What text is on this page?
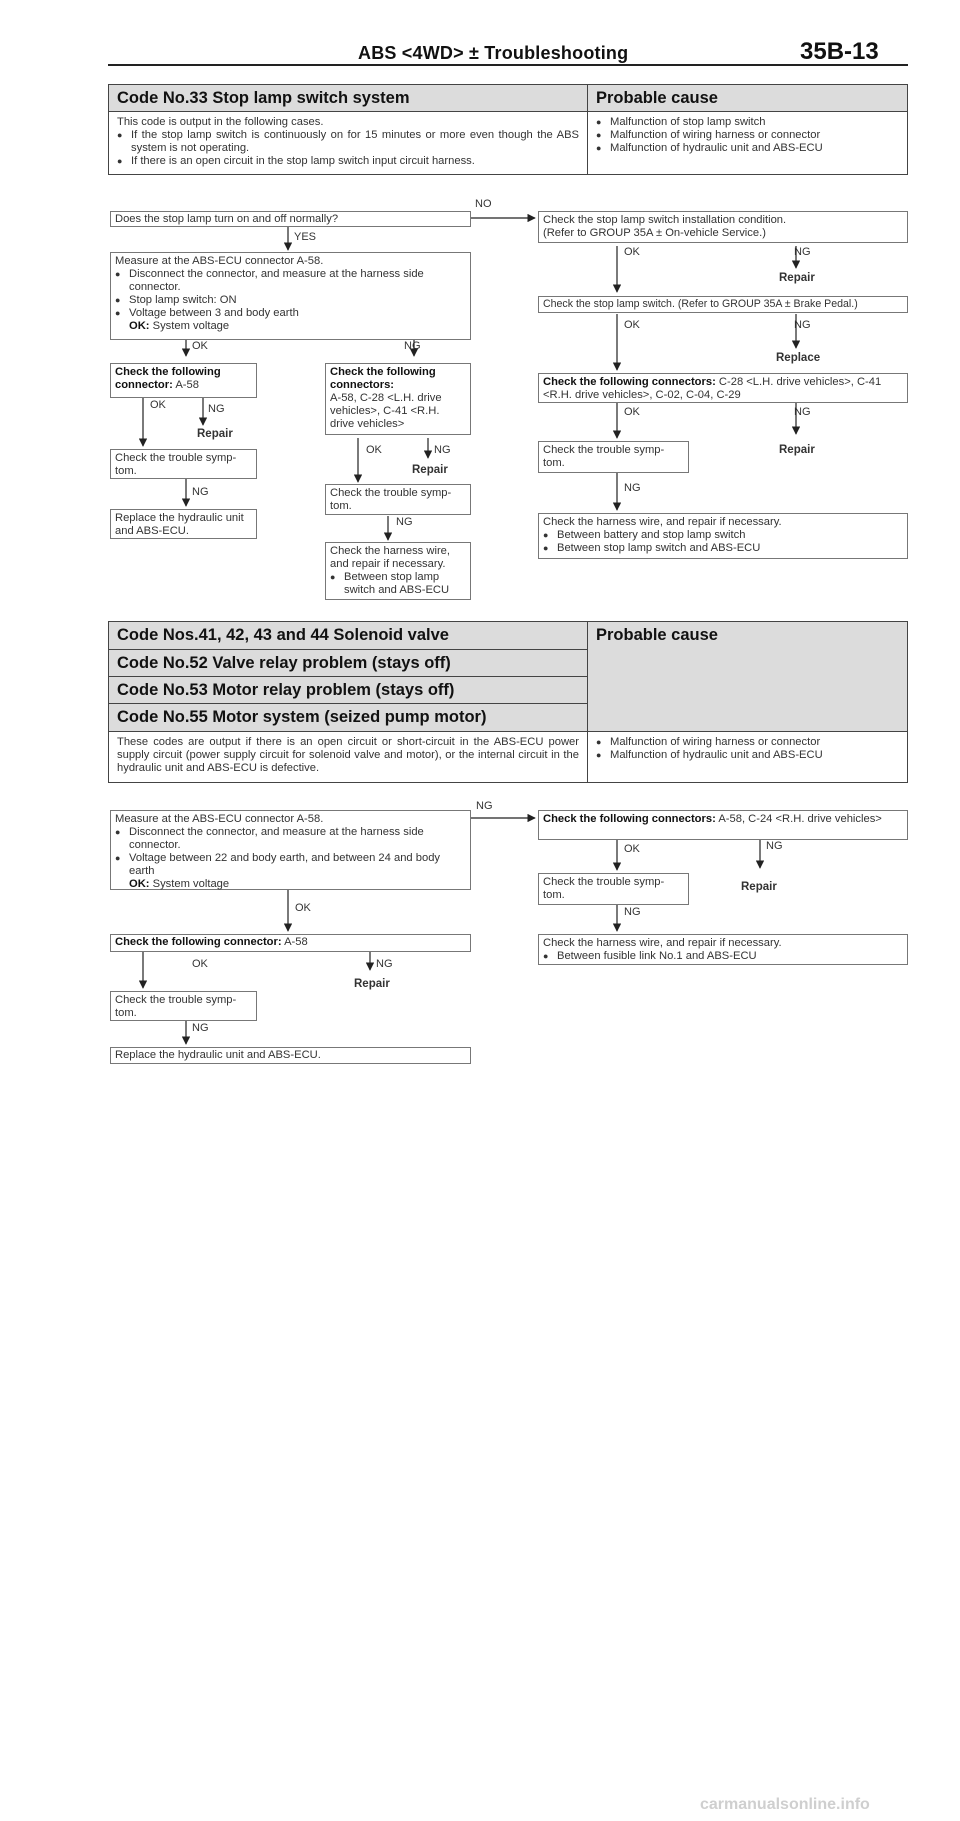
ABS <4WD> ± Troubleshooting	35B-13
Code No.33 Stop lamp switch system	Probable cause
This code is output in the following cases.
● If the stop lamp switch is continuously on for 15 minutes or more even though the ABS system is not operating.
● If there is an open circuit in the stop lamp switch input circuit harness.
● Malfunction of stop lamp switch
● Malfunction of wiring harness or connector
● Malfunction of hydraulic unit and ABS-ECU
NO
YES
OK	NG
OK	NG
Repair
NG
OK	NG
Repair
NG
OK	NG
Repair
OK	NG
Replace
OK	NG
Repair
NG
Does the stop lamp turn on and off normally?
Measure at the ABS-ECU connector A-58.
● Disconnect the connector, and measure at the harness side connector.
● Stop lamp switch: ON
● Voltage between 3 and body earth
OK: System voltage
Check the following connector: A-58
Check the following connectors:
A-58, C-28 <L.H. drive vehicles>, C-41 <R.H. drive vehicles>
Check the trouble symp- tom.
Replace the hydraulic unit and ABS-ECU.
Check the trouble symp- tom.
Check the harness wire,
and repair if necessary.
● Between stop lamp switch and ABS-ECU
Check the stop lamp switch installation condition.
(Refer to GROUP 35A ± On-vehicle Service.)
Check the stop lamp switch. (Refer to GROUP 35A ± Brake Pedal.)
Check the following connectors: C-28 <L.H. drive vehicles>, C-41 <R.H. drive vehicles>, C-02, C-04, C-29
Check the trouble symp- tom.
Check the harness wire, and repair if necessary.
● Between battery and stop lamp switch
● Between stop lamp switch and ABS-ECU
Code Nos.41, 42, 43 and 44 Solenoid valve
Code No.52 Valve relay problem (stays off)
Code No.53 Motor relay problem (stays off)
Code No.55 Motor system (seized pump motor)
Probable cause
These codes are output if there is an open circuit or short-circuit in the ABS-ECU power supply circuit (power supply circuit for solenoid valve and motor), or the internal circuit in the hydraulic unit and ABS-ECU is defective.
● Malfunction of wiring harness or connector
● Malfunction of hydraulic unit and ABS-ECU
NG
OK
OK	NG
Repair
NG
OK	NG
Repair
NG
Measure at the ABS-ECU connector A-58.
● Disconnect the connector, and measure at the harness side connector.
● Voltage between 22 and body earth, and between 24 and body earth
OK: System voltage
Check the following connector: A-58
Check the trouble symp- tom.
Replace the hydraulic unit and ABS-ECU.
Check the following connectors: A-58, C-24 <R.H. drive vehicles>
Check the trouble symp- tom.
Check the harness wire, and repair if necessary.
● Between fusible link No.1 and ABS-ECU
carmanualsonline.info
